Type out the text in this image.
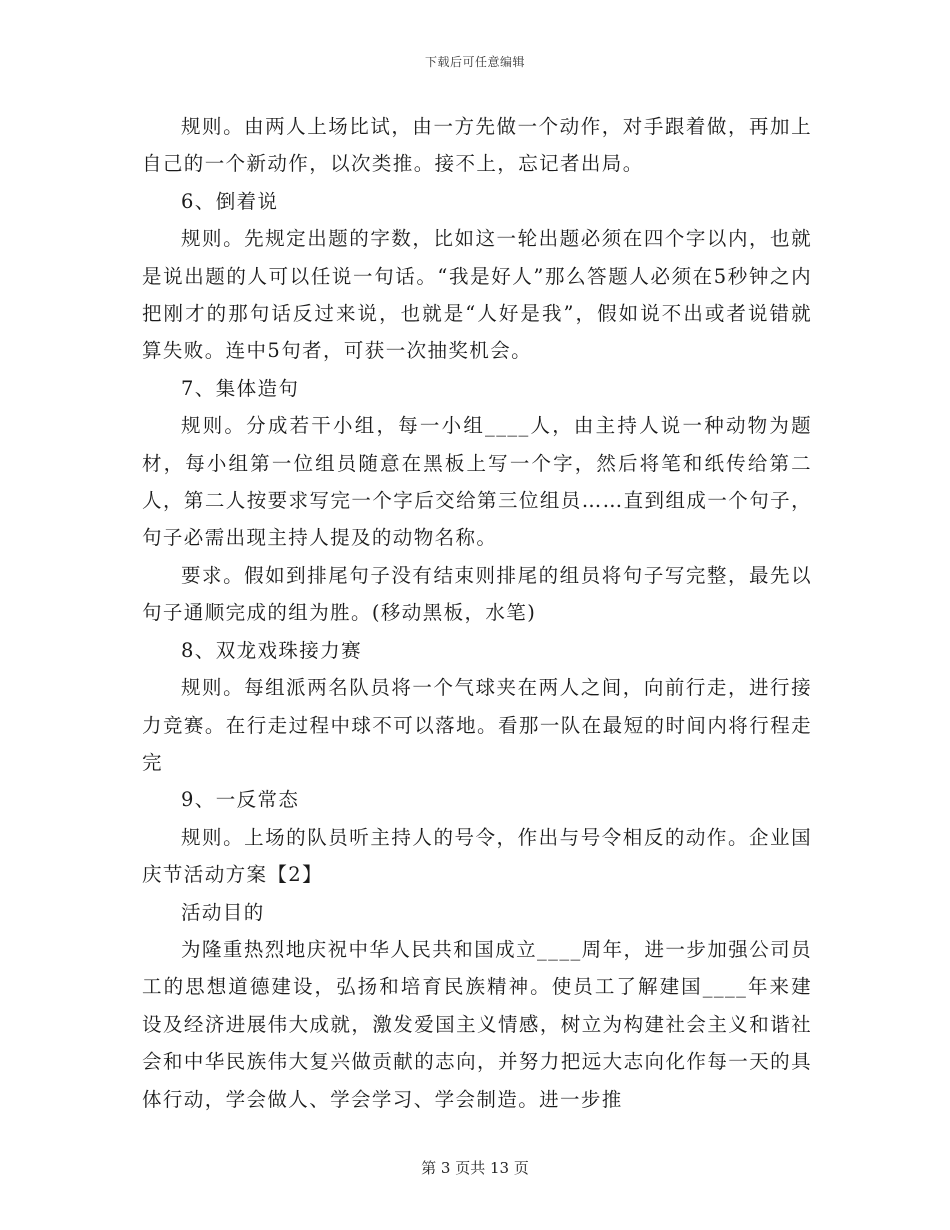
下载后可任意编辑

规则。由两人上场比试，由一方先做一个动作，对手跟着做，再加上自己的一个新动作，以次类推。接不上，忘记者出局。

6、倒着说

规则。先规定出题的字数，比如这一轮出题必须在四个字以内，也就是说出题的人可以任说一句话。“我是好人”那么答题人必须在5秒钟之内把刚才的那句话反过来说，也就是“人好是我”，假如说不出或者说错就算失败。连中5句者，可获一次抽奖机会。

7、集体造句

规则。分成若干小组，每一小组____人，由主持人说一种动物为题材，每小组第一位组员随意在黑板上写一个字，然后将笔和纸传给第二人，第二人按要求写完一个字后交给第三位组员……直到组成一个句子，句子必需出现主持人提及的动物名称。

要求。假如到排尾句子没有结束则排尾的组员将句子写完整，最先以句子通顺完成的组为胜。(移动黑板，水笔)

8、双龙戏珠接力赛

规则。每组派两名队员将一个气球夹在两人之间，向前行走，进行接力竞赛。在行走过程中球不可以落地。看那一队在最短的时间内将行程走完

9、一反常态

规则。上场的队员听主持人的号令，作出与号令相反的动作。企业国庆节活动方案【2】

活动目的

为隆重热烈地庆祝中华人民共和国成立____周年，进一步加强公司员工的思想道德建设，弘扬和培育民族精神。使员工了解建国____年来建设及经济进展伟大成就，激发爱国主义情感，树立为构建社会主义和谐社会和中华民族伟大复兴做贡献的志向，并努力把远大志向化作每一天的具体行动，学会做人、学会学习、学会制造。进一步推

第 3 页共 13 页
